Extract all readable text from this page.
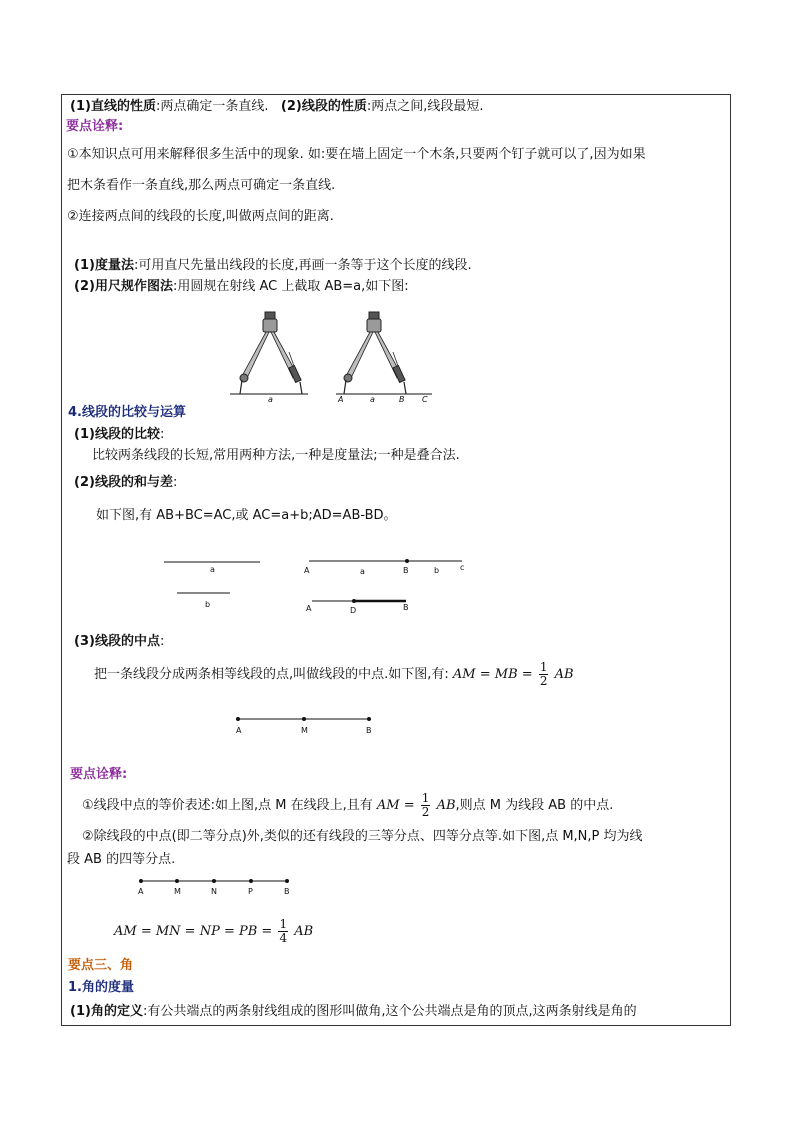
(1)直线的性质:两点确定一条直线. (2)线段的性质:两点之间,线段最短.
要点诠释:
①本知识点可用来解释很多生活中的现象. 如:要在墙上固定一个木条,只要两个钉子就可以了,因为如果
把木条看作一条直线,那么两点可确定一条直线.
②连接两点间的线段的长度,叫做两点间的距离.
(1)度量法:可用直尺先量出线段的长度,再画一条等于这个长度的线段.
(2)用尺规作图法:用圆规在射线 AC 上截取 AB=a,如下图:
a	A	a	B C
4.线段的比较与运算
(1)线段的比较:
比较两条线段的长短,常用两种方法,一种是度量法;一种是叠合法.
(2)线段的和与差:
如下图,有 AB+BC=AC,或 AC=a+b;AD=AB-BD。
a
b
A	a	B	b	c
A	D	B
(3)线段的中点:
把一条线段分成两条相等线段的点,叫做线段的中点.如下图,有: AM = MB = $\frac{1}{2}$ AB
A	M	B
要点诠释:
①线段中点的等价表述:如上图,点 M 在线段上,且有 AM = $\frac{1}{2}$ AB,则点 M 为线段 AB 的中点.
②除线段的中点(即二等分点)外,类似的还有线段的三等分点、四等分点等.如下图,点 M,N,P 均为线
段 AB 的四等分点.
A	M	N	P	B
AM = MN = NP = PB = $\frac{1}{4}$ AB
要点三、角
1.角的度量
(1)角的定义:有公共端点的两条射线组成的图形叫做角,这个公共端点是角的顶点,这两条射线是角的
